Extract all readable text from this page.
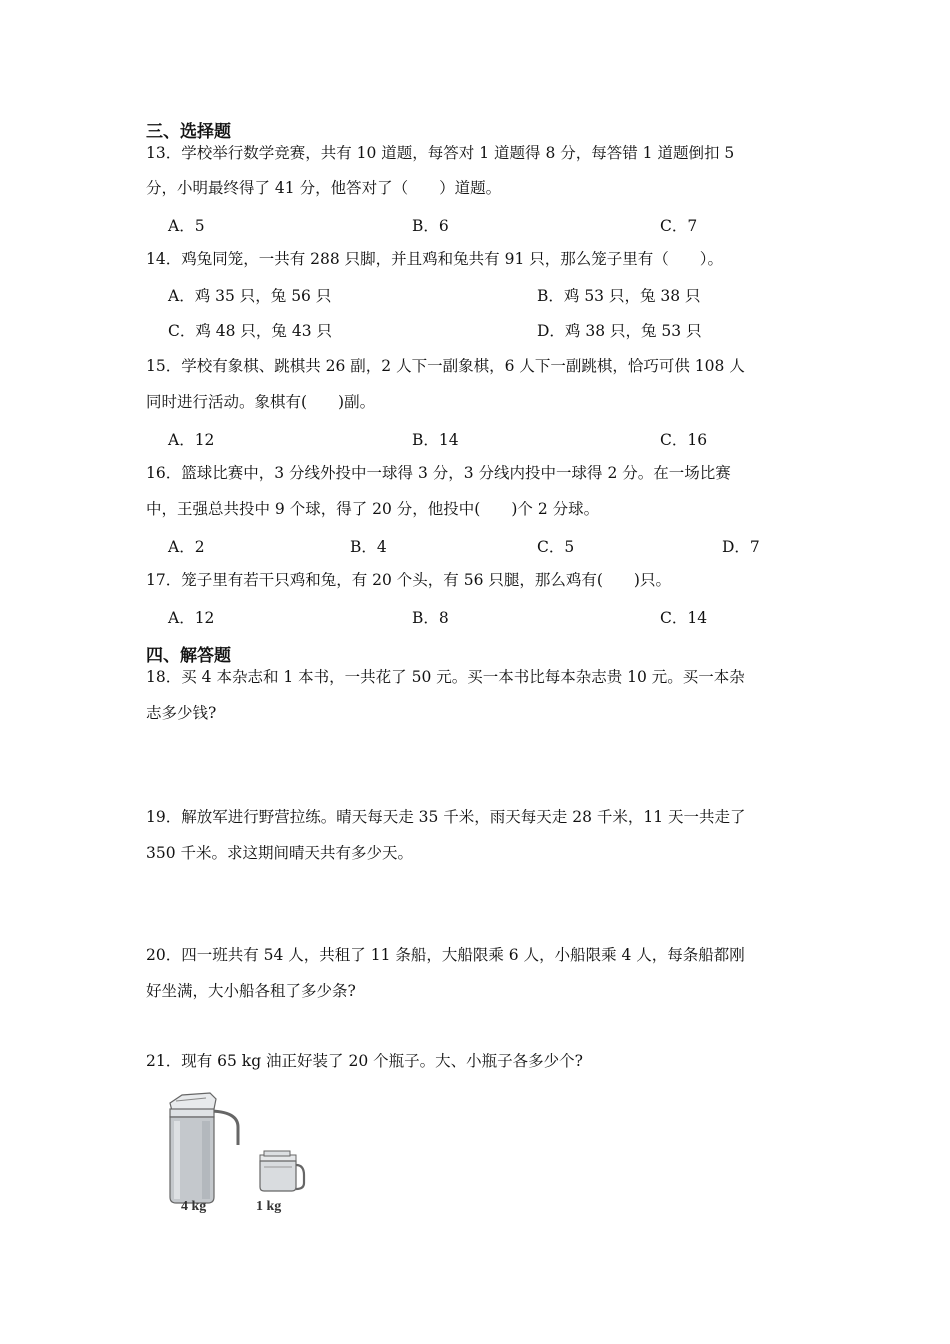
三、选择题
13．学校举行数学竞赛，共有 10 道题，每答对 1 道题得 8 分，每答错 1 道题倒扣 5
分，小明最终得了 41 分，他答对了（　　）道题。
A．5	B．6	C．7
14．鸡兔同笼，一共有 288 只脚，并且鸡和兔共有 91 只，那么笼子里有（　　）。
A．鸡 35 只，兔 56 只	B．鸡 53 只，兔 38 只
C．鸡 48 只，兔 43 只	D．鸡 38 只，兔 53 只
15．学校有象棋、跳棋共 26 副，2 人下一副象棋，6 人下一副跳棋，恰巧可供 108 人
同时进行活动。象棋有(　　)副。
A．12	B．14	C．16
16．篮球比赛中，3 分线外投中一球得 3 分，3 分线内投中一球得 2 分。在一场比赛
中，王强总共投中 9 个球，得了 20 分，他投中(　　)个 2 分球。
A．2	B．4	C．5	D．7
17．笼子里有若干只鸡和兔，有 20 个头，有 56 只腿，那么鸡有(　　)只。
A．12	B．8	C．14
四、解答题
18．买 4 本杂志和 1 本书，一共花了 50 元。买一本书比每本杂志贵 10 元。买一本杂
志多少钱?
19．解放军进行野营拉练。晴天每天走 35 千米，雨天每天走 28 千米，11 天一共走了
350 千米。求这期间晴天共有多少天。
20．四一班共有 54 人，共租了 11 条船，大船限乘 6 人，小船限乘 4 人，每条船都刚
好坐满，大小船各租了多少条?
21．现有 65 kg 油正好装了 20 个瓶子。大、小瓶子各多少个?
4 kg	1 kg
